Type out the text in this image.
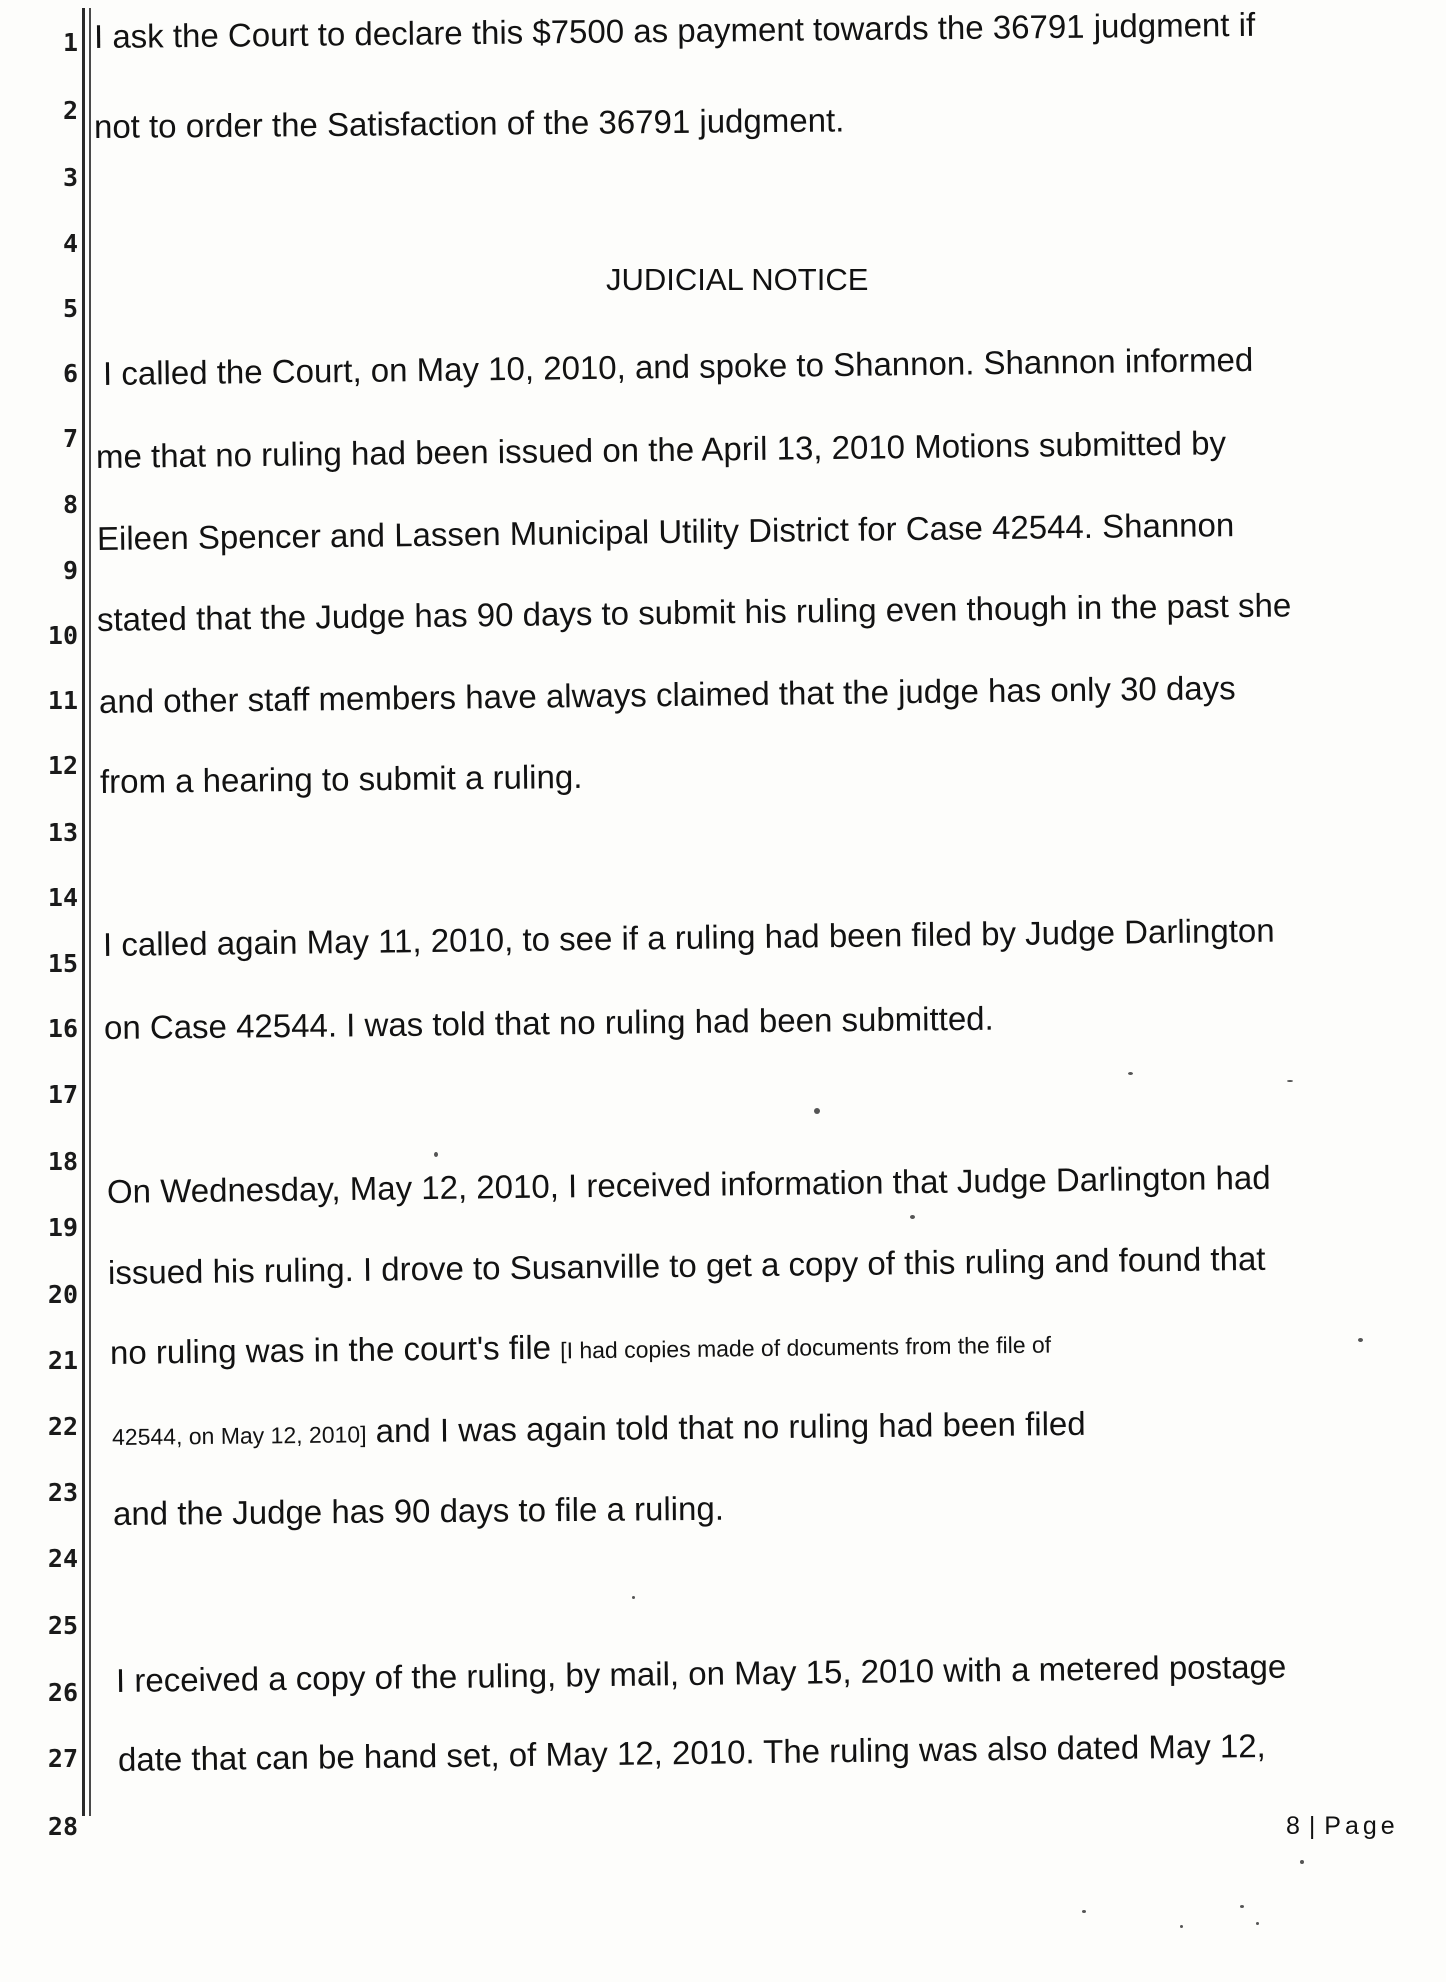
1
2
3
4
5
6
7
8
9
10
11
12
13
14
15
16
17
18
19
20
21
22
23
24
25
26
27
28
I ask the Court to declare this $7500 as payment towards the 36791 judgment if
not to order the Satisfaction of the 36791 judgment.
JUDICIAL NOTICE
I called the Court, on May 10, 2010, and spoke to Shannon. Shannon informed
me that no ruling had been issued on the April 13, 2010 Motions submitted by
Eileen Spencer and Lassen Municipal Utility District for Case 42544. Shannon
stated that the Judge has 90 days to submit his ruling even though in the past she
and other staff members have always claimed that the judge has only 30 days
from a hearing to submit a ruling.
I called again May 11, 2010, to see if a ruling had been filed by Judge Darlington
on Case 42544. I was told that no ruling had been submitted.
On Wednesday, May 12, 2010, I received information that Judge Darlington had
issued his ruling. I drove to Susanville to get a copy of this ruling and found that
no ruling was in the court's file [I had copies made of documents from the file of
42544, on May 12, 2010] and I was again told that no ruling had been filed
and the Judge has 90 days to file a ruling.
I received a copy of the ruling, by mail, on May 15, 2010 with a metered postage
date that can be hand set, of May 12, 2010. The ruling was also dated May 12,
8 | Page
